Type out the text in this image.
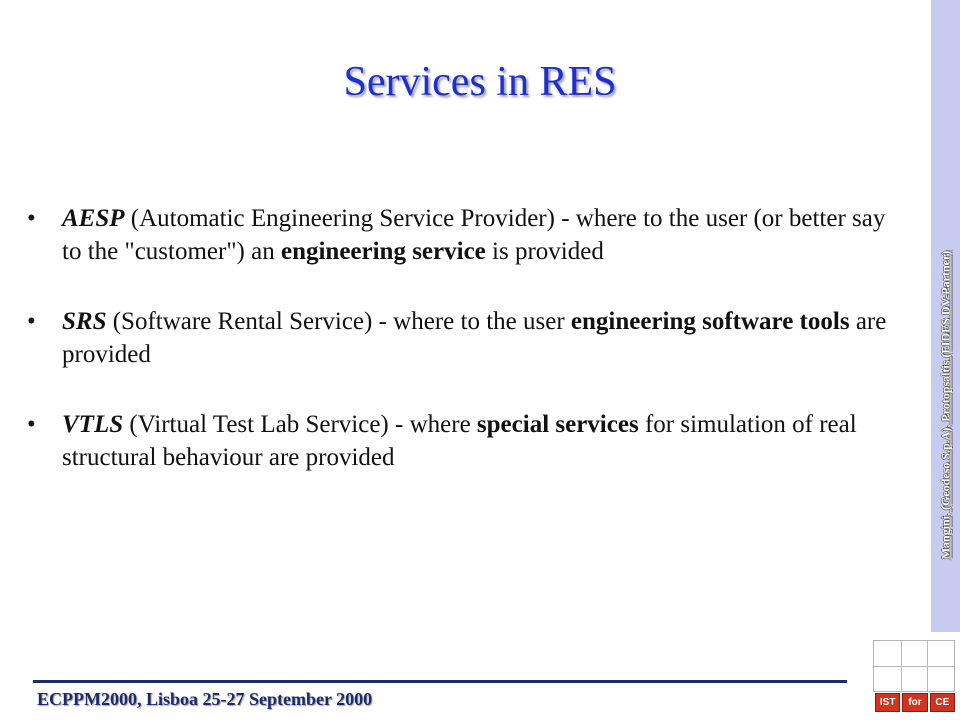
Mangini, (Geodeso S.p.A), Protopsaltis (FIDES DV-Partner)
Services in RES
• AESP (Automatic Engineering Service Provider) - where to the user (or better say to the "customer") an engineering service is provided
• SRS (Software Rental Service) - where to the user engineering software tools are provided
• VTLS (Virtual Test Lab Service) - where special services for simulation of real structural behaviour are provided
ECPPM2000, Lisboa 25-27 September 2000	IST	for	CE
